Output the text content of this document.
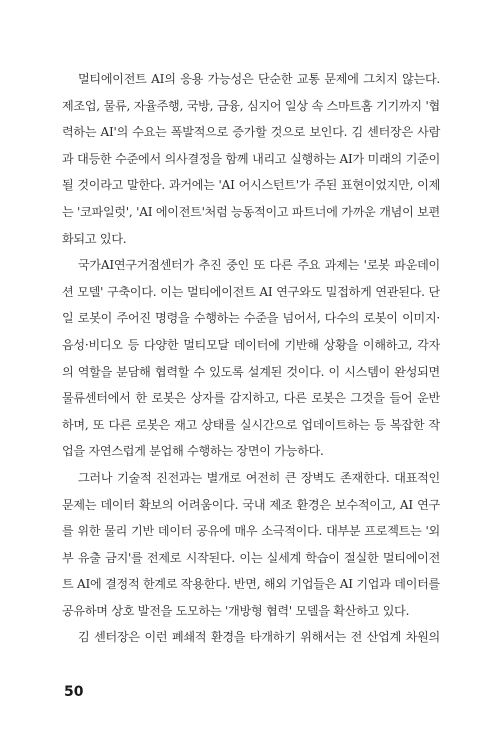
멀티에이전트 AI의 응용 가능성은 단순한 교통 문제에 그치지 않는다.
제조업, 물류, 자율주행, 국방, 금융, 심지어 일상 속 스마트홈 기기까지 '협
력하는 AI'의 수요는 폭발적으로 증가할 것으로 보인다. 김 센터장은 사람
과 대등한 수준에서 의사결정을 함께 내리고 실행하는 AI가 미래의 기준이
될 것이라고 말한다. 과거에는 'AI 어시스턴트'가 주된 표현이었지만, 이제
는 '코파일럿', 'AI 에이전트'처럼 능동적이고 파트너에 가까운 개념이 보편
화되고 있다.
국가AI연구거점센터가 추진 중인 또 다른 주요 과제는 '로봇 파운데이
션 모델' 구축이다. 이는 멀티에이전트 AI 연구와도 밀접하게 연관된다. 단
일 로봇이 주어진 명령을 수행하는 수준을 넘어서, 다수의 로봇이 이미지·
음성·비디오 등 다양한 멀티모달 데이터에 기반해 상황을 이해하고, 각자
의 역할을 분담해 협력할 수 있도록 설계된 것이다. 이 시스템이 완성되면
물류센터에서 한 로봇은 상자를 감지하고, 다른 로봇은 그것을 들어 운반
하며, 또 다른 로봇은 재고 상태를 실시간으로 업데이트하는 등 복잡한 작
업을 자연스럽게 분업해 수행하는 장면이 가능하다.
그러나 기술적 진전과는 별개로 여전히 큰 장벽도 존재한다. 대표적인
문제는 데이터 확보의 어려움이다. 국내 제조 환경은 보수적이고, AI 연구
를 위한 물리 기반 데이터 공유에 매우 소극적이다. 대부분 프로젝트는 '외
부 유출 금지'를 전제로 시작된다. 이는 실세계 학습이 절실한 멀티에이전
트 AI에 결정적 한계로 작용한다. 반면, 해외 기업들은 AI 기업과 데이터를
공유하며 상호 발전을 도모하는 '개방형 협력' 모델을 확산하고 있다.
김 센터장은 이런 폐쇄적 환경을 타개하기 위해서는 전 산업계 차원의
50
